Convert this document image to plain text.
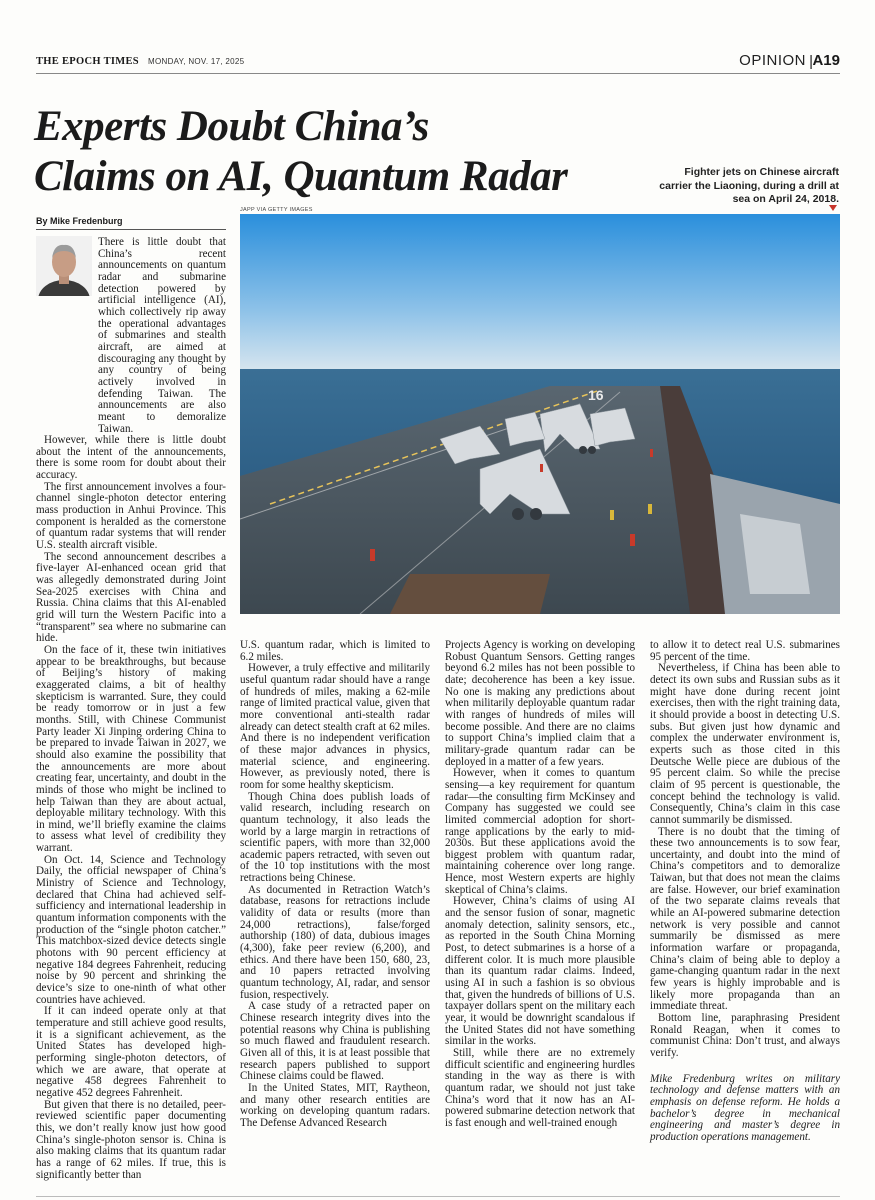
THE EPOCH TIMES MONDAY, NOV. 17, 2025	OPINION | A19
Experts Doubt China’s
Claims on AI, Quantum Radar	Fighter jets on Chinese aircraft carrier the Liaoning, during a drill at sea on April 24, 2018.
JAPP VIA GETTY IMAGES
16
By Mike Fredenburg

There is little doubt that China’s recent announcements on quantum radar and submarine detection powered by artificial intelligence (AI), which collectively rip away the operational advantages of submarines and stealth aircraft, are aimed at discouraging any thought by any country of being actively involved in defending Taiwan. The announcements are also meant to demoralize Taiwan.

However, while there is little doubt about the intent of the announcements, there is some room for doubt about their accuracy.

The first announcement involves a four-channel single-photon detector entering mass production in Anhui Province. This component is heralded as the cornerstone of quantum radar systems that will render U.S. stealth aircraft visible.

The second announcement describes a five-layer AI-enhanced ocean grid that was allegedly demonstrated during Joint Sea-2025 exercises with China and Russia. China claims that this AI-enabled grid will turn the Western Pacific into a “transparent” sea where no submarine can hide.

On the face of it, these twin initiatives appear to be breakthroughs, but because of Beijing’s history of making exaggerated claims, a bit of healthy skepticism is warranted. Sure, they could be ready tomorrow or in just a few months. Still, with Chinese Communist Party leader Xi Jinping ordering China to be prepared to invade Taiwan in 2027, we should also examine the possibility that the announcements are more about creating fear, uncertainty, and doubt in the minds of those who might be inclined to help Taiwan than they are about actual, deployable military technology. With this in mind, we’ll briefly examine the claims to assess what level of credibility they warrant.

On Oct. 14, Science and Technology Daily, the official newspaper of China’s Ministry of Science and Technology, declared that China had achieved self-sufficiency and international leadership in quantum information components with the production of the “single photon catcher.” This matchbox-sized device detects single photons with 90 percent efficiency at negative 184 degrees Fahrenheit, reducing noise by 90 percent and shrinking the device’s size to one-ninth of what other countries have achieved.

If it can indeed operate only at that temperature and still achieve good results, it is a significant achievement, as the United States has developed high-performing single-photon detectors, of which we are aware, that operate at negative 458 degrees Fahrenheit to negative 452 degrees Fahrenheit.

But given that there is no detailed, peer-reviewed scientific paper documenting this, we don’t really know just how good China’s single-photon sensor is. China is also making claims that its quantum radar has a range of 62 miles. If true, this is significantly better than

U.S. quantum radar, which is limited to 6.2 miles.

However, a truly effective and militarily useful quantum radar should have a range of hundreds of miles, making a 62-mile range of limited practical value, given that more conventional anti-stealth radar already can detect stealth craft at 62 miles. And there is no independent verification of these major advances in physics, material science, and engineering. However, as previously noted, there is room for some healthy skepticism.

Though China does publish loads of valid research, including research on quantum technology, it also leads the world by a large margin in retractions of scientific papers, with more than 32,000 academic papers retracted, with seven out of the 10 top institutions with the most retractions being Chinese.

As documented in Retraction Watch’s database, reasons for retractions include validity of data or results (more than 24,000 retractions), false/forged authorship (180) of data, dubious images (4,300), fake peer review (6,200), and ethics. And there have been 150, 680, 23, and 10 papers retracted involving quantum technology, AI, radar, and sensor fusion, respectively.

A case study of a retracted paper on Chinese research integrity dives into the potential reasons why China is publishing so much flawed and fraudulent research. Given all of this, it is at least possible that research papers published to support Chinese claims could be flawed.

In the United States, MIT, Raytheon, and many other research entities are working on developing quantum radars. The Defense Advanced Research

Projects Agency is working on developing Robust Quantum Sensors. Getting ranges beyond 6.2 miles has not been possible to date; decoherence has been a key issue. No one is making any predictions about when militarily deployable quantum radar with ranges of hundreds of miles will become possible. And there are no claims to support China’s implied claim that a military-grade quantum radar can be deployed in a matter of a few years.

However, when it comes to quantum sensing—a key requirement for quantum radar—the consulting firm McKinsey and Company has suggested we could see limited commercial adoption for short-range applications by the early to mid-2030s. But these applications avoid the biggest problem with quantum radar, maintaining coherence over long range. Hence, most Western experts are highly skeptical of China’s claims.

However, China’s claims of using AI and the sensor fusion of sonar, magnetic anomaly detection, salinity sensors, etc., as reported in the South China Morning Post, to detect submarines is a horse of a different color. It is much more plausible than its quantum radar claims. Indeed, using AI in such a fashion is so obvious that, given the hundreds of billions of U.S. taxpayer dollars spent on the military each year, it would be downright scandalous if the United States did not have something similar in the works.

Still, while there are no extremely difficult scientific and engineering hurdles standing in the way as there is with quantum radar, we should not just take China’s word that it now has an AI-powered submarine detection network that is fast enough and well-trained enough

to allow it to detect real U.S. submarines 95 percent of the time.

Nevertheless, if China has been able to detect its own subs and Russian subs as it might have done during recent joint exercises, then with the right training data, it should provide a boost in detecting U.S. subs. But given just how dynamic and complex the underwater environment is, experts such as those cited in this Deutsche Welle piece are dubious of the 95 percent claim. So while the precise claim of 95 percent is questionable, the concept behind the technology is valid. Consequently, China’s claim in this case cannot summarily be dismissed.

There is no doubt that the timing of these two announcements is to sow fear, uncertainty, and doubt into the mind of China’s competitors and to demoralize Taiwan, but that does not mean the claims are false. However, our brief examination of the two separate claims reveals that while an AI-powered submarine detection network is very possible and cannot summarily be dismissed as mere information warfare or propaganda, China’s claim of being able to deploy a game-changing quantum radar in the next few years is highly improbable and is likely more propaganda than an immediate threat.

Bottom line, paraphrasing President Ronald Reagan, when it comes to communist China: Don’t trust, and always verify.

Mike Fredenburg writes on military technology and defense matters with an emphasis on defense reform. He holds a bachelor’s degree in mechanical engineering and master’s degree in production operations management.
